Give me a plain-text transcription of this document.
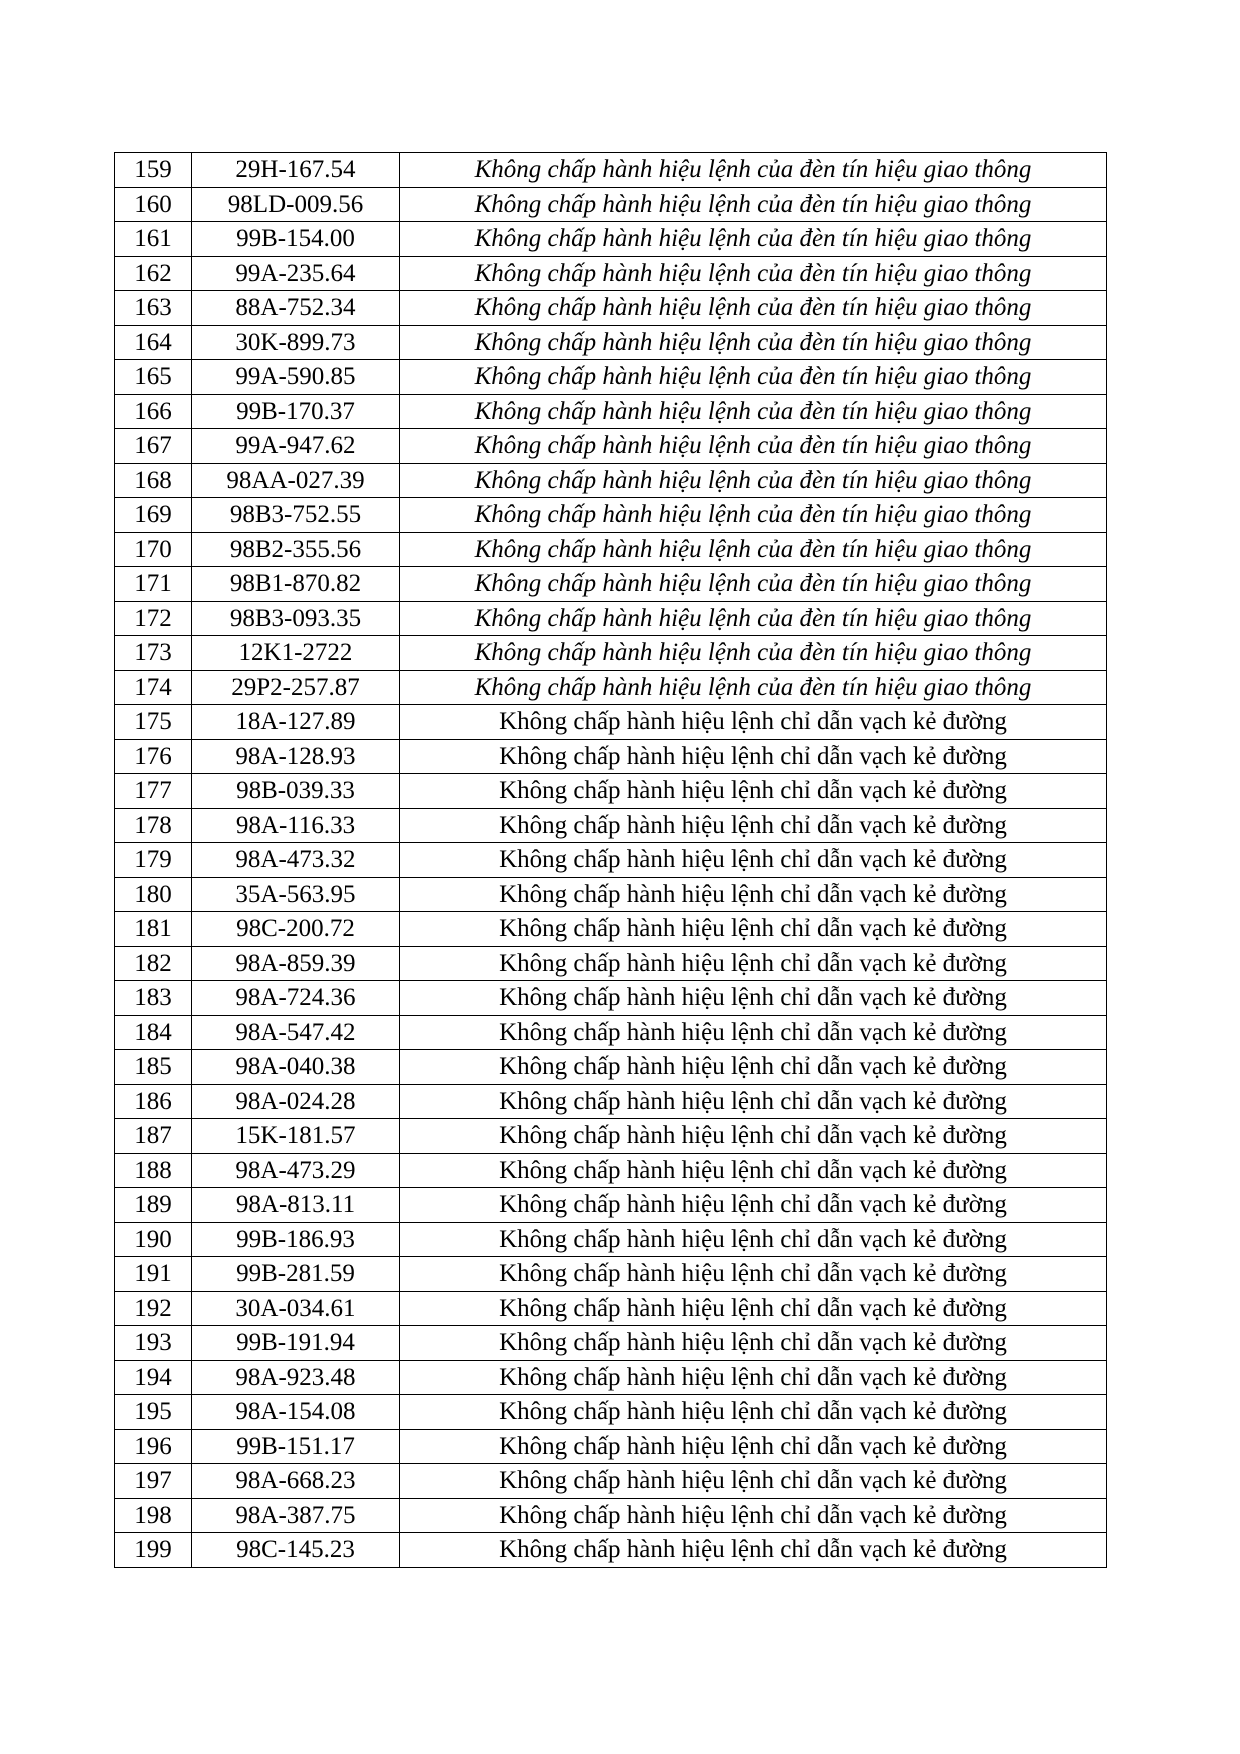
159	29H-167.54	Không chấp hành hiệu lệnh của đèn tín hiệu giao thông
160	98LD-009.56	Không chấp hành hiệu lệnh của đèn tín hiệu giao thông
161	99B-154.00	Không chấp hành hiệu lệnh của đèn tín hiệu giao thông
162	99A-235.64	Không chấp hành hiệu lệnh của đèn tín hiệu giao thông
163	88A-752.34	Không chấp hành hiệu lệnh của đèn tín hiệu giao thông
164	30K-899.73	Không chấp hành hiệu lệnh của đèn tín hiệu giao thông
165	99A-590.85	Không chấp hành hiệu lệnh của đèn tín hiệu giao thông
166	99B-170.37	Không chấp hành hiệu lệnh của đèn tín hiệu giao thông
167	99A-947.62	Không chấp hành hiệu lệnh của đèn tín hiệu giao thông
168	98AA-027.39	Không chấp hành hiệu lệnh của đèn tín hiệu giao thông
169	98B3-752.55	Không chấp hành hiệu lệnh của đèn tín hiệu giao thông
170	98B2-355.56	Không chấp hành hiệu lệnh của đèn tín hiệu giao thông
171	98B1-870.82	Không chấp hành hiệu lệnh của đèn tín hiệu giao thông
172	98B3-093.35	Không chấp hành hiệu lệnh của đèn tín hiệu giao thông
173	12K1-2722	Không chấp hành hiệu lệnh của đèn tín hiệu giao thông
174	29P2-257.87	Không chấp hành hiệu lệnh của đèn tín hiệu giao thông
175	18A-127.89	Không chấp hành hiệu lệnh chỉ dẫn vạch kẻ đường
176	98A-128.93	Không chấp hành hiệu lệnh chỉ dẫn vạch kẻ đường
177	98B-039.33	Không chấp hành hiệu lệnh chỉ dẫn vạch kẻ đường
178	98A-116.33	Không chấp hành hiệu lệnh chỉ dẫn vạch kẻ đường
179	98A-473.32	Không chấp hành hiệu lệnh chỉ dẫn vạch kẻ đường
180	35A-563.95	Không chấp hành hiệu lệnh chỉ dẫn vạch kẻ đường
181	98C-200.72	Không chấp hành hiệu lệnh chỉ dẫn vạch kẻ đường
182	98A-859.39	Không chấp hành hiệu lệnh chỉ dẫn vạch kẻ đường
183	98A-724.36	Không chấp hành hiệu lệnh chỉ dẫn vạch kẻ đường
184	98A-547.42	Không chấp hành hiệu lệnh chỉ dẫn vạch kẻ đường
185	98A-040.38	Không chấp hành hiệu lệnh chỉ dẫn vạch kẻ đường
186	98A-024.28	Không chấp hành hiệu lệnh chỉ dẫn vạch kẻ đường
187	15K-181.57	Không chấp hành hiệu lệnh chỉ dẫn vạch kẻ đường
188	98A-473.29	Không chấp hành hiệu lệnh chỉ dẫn vạch kẻ đường
189	98A-813.11	Không chấp hành hiệu lệnh chỉ dẫn vạch kẻ đường
190	99B-186.93	Không chấp hành hiệu lệnh chỉ dẫn vạch kẻ đường
191	99B-281.59	Không chấp hành hiệu lệnh chỉ dẫn vạch kẻ đường
192	30A-034.61	Không chấp hành hiệu lệnh chỉ dẫn vạch kẻ đường
193	99B-191.94	Không chấp hành hiệu lệnh chỉ dẫn vạch kẻ đường
194	98A-923.48	Không chấp hành hiệu lệnh chỉ dẫn vạch kẻ đường
195	98A-154.08	Không chấp hành hiệu lệnh chỉ dẫn vạch kẻ đường
196	99B-151.17	Không chấp hành hiệu lệnh chỉ dẫn vạch kẻ đường
197	98A-668.23	Không chấp hành hiệu lệnh chỉ dẫn vạch kẻ đường
198	98A-387.75	Không chấp hành hiệu lệnh chỉ dẫn vạch kẻ đường
199	98C-145.23	Không chấp hành hiệu lệnh chỉ dẫn vạch kẻ đường
